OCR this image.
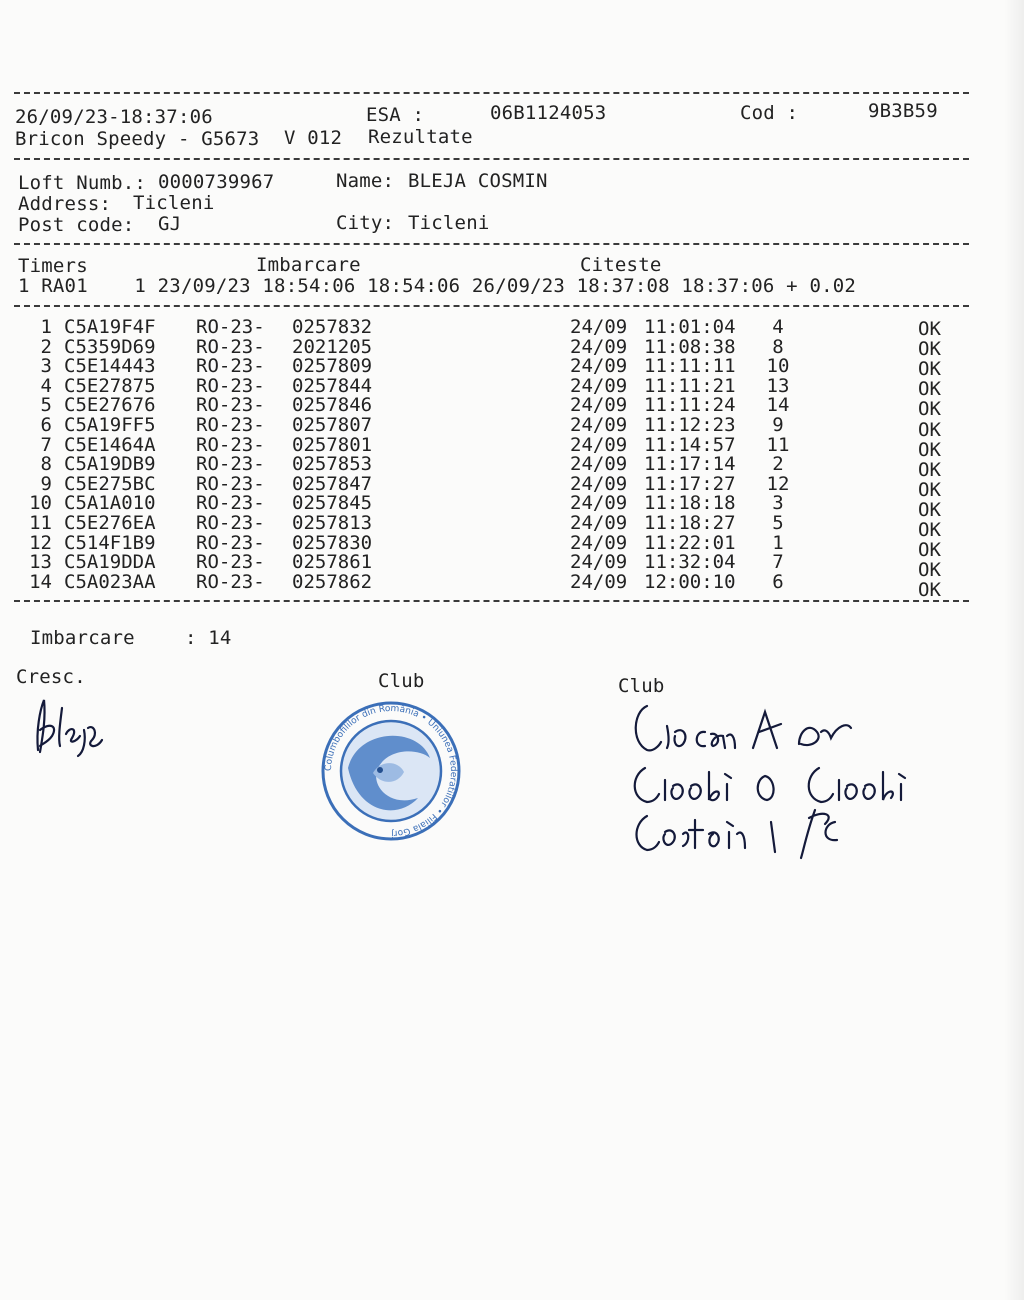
26/09/23-18:37:06	ESA :	06B1124053	Cod :	9B3B59
Bricon Speedy - G5673 V 012 Rezultate
Loft Numb.: 0000739967	Name: BLEJA COSMIN
Address: Ticleni
Post code: GJ	City: Ticleni
Timers	Imbarcare	Citeste
1 RA01    1 23/09/23 18:54:06 18:54:06 26/09/23 18:37:08 18:37:06 + 0.02
1 C5A19F4F RO-23- 0257832	24/09 11:01:04	4	OK
2 C5359D69 RO-23- 2021205	24/09 11:08:38	8	OK
3 C5E14443 RO-23- 0257809	24/09 11:11:11	10	OK
4 C5E27875 RO-23- 0257844	24/09 11:11:21	13	OK
5 C5E27676 RO-23- 0257846	24/09 11:11:24	14	OK
6 C5A19FF5 RO-23- 0257807	24/09 11:12:23	9	OK
7 C5E1464A RO-23- 0257801	24/09 11:14:57	11	OK
8 C5A19DB9 RO-23- 0257853	24/09 11:17:14	2	OK
9 C5E275BC RO-23- 0257847	24/09 11:17:27	12	OK
10 C5A1A010 RO-23- 0257845	24/09 11:18:18	3	OK
11 C5E276EA RO-23- 0257813	24/09 11:18:27	5	OK
12 C514F1B9 RO-23- 0257830	24/09 11:22:01	1	OK
13 C5A19DDA RO-23- 0257861	24/09 11:32:04	7	OK
14 C5A023AA RO-23- 0257862	24/09 12:00:10	6	OK
Imbarcare	: 14
Cresc.	Club	Club
Columbofililor din România • Uniunea Federatiilor • Filiala Gorj
